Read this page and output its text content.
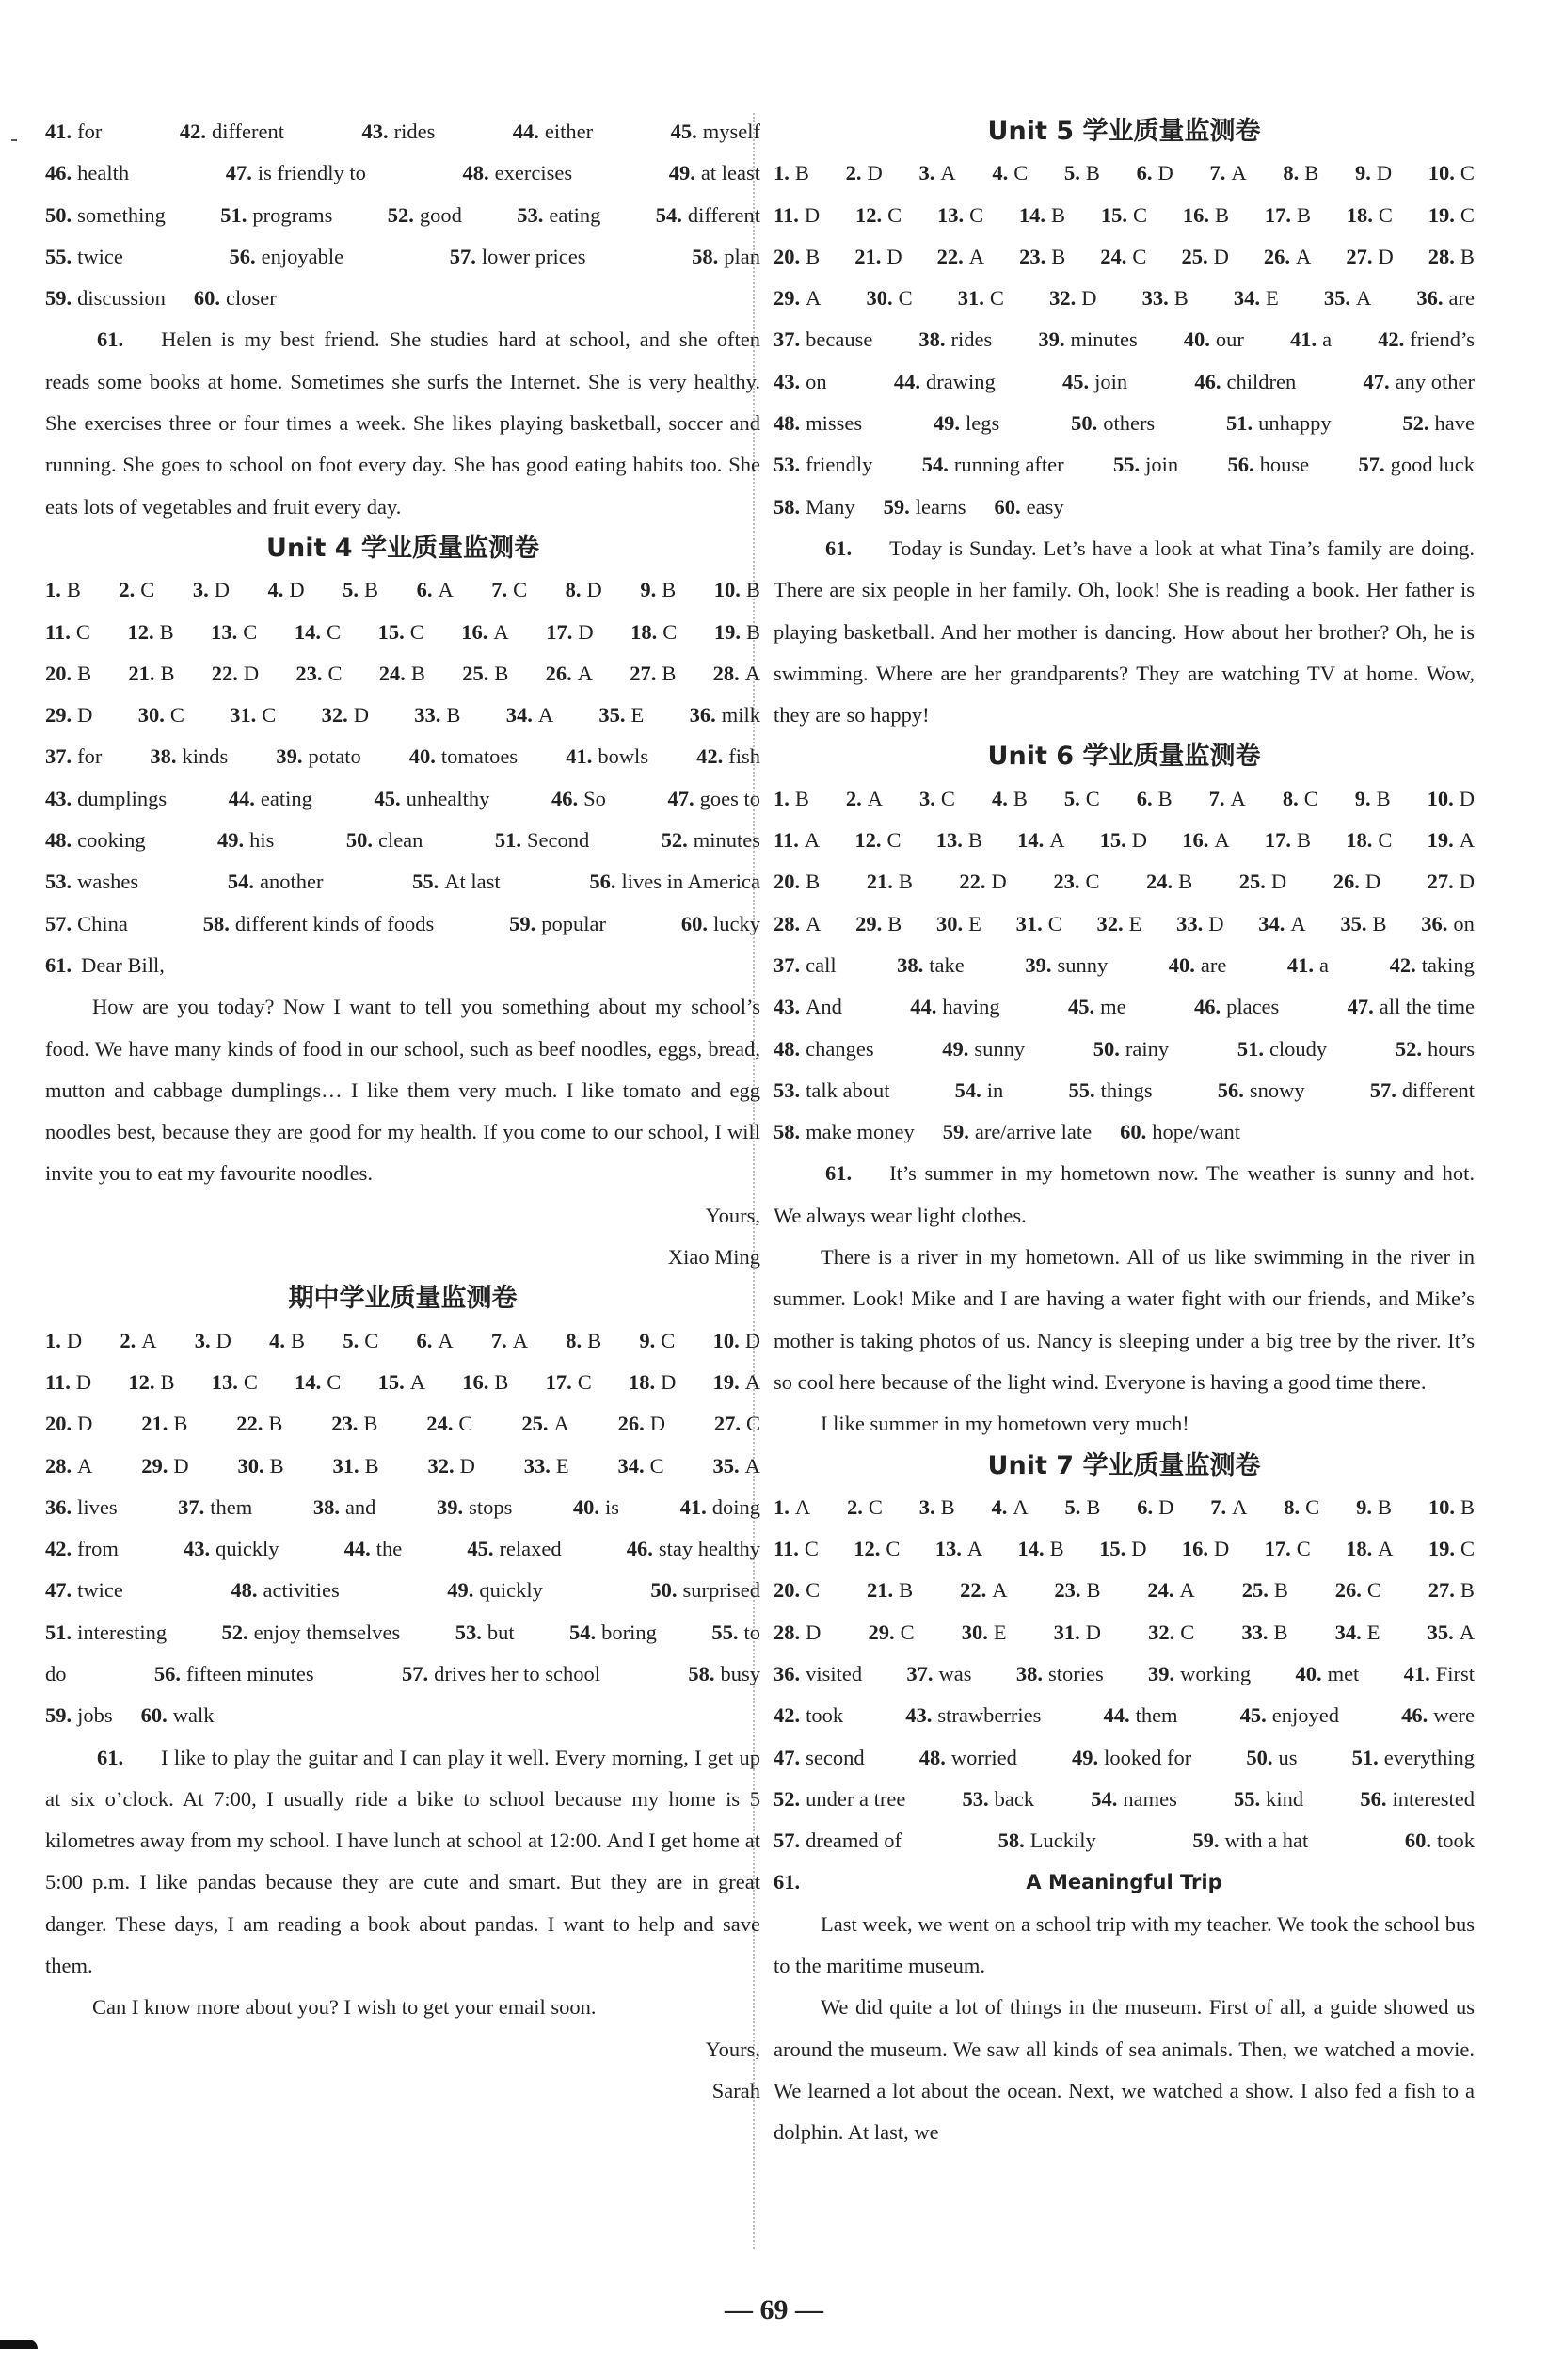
41. for	42. different	43. rides	44. either	45. myself
46. health	47. is friendly to	48. exercises	49. at least
50. something	51. programs	52. good	53. eating	54. different
55. twice	56. enjoyable	57. lower prices	58. plan
59. discussion 60. closer
61. Helen is my best friend. She studies hard at school, and she often reads some books at home. Sometimes she surfs the Internet. She is very healthy. She exercises three or four times a week. She likes playing basketball, soccer and running. She goes to school on foot every day. She has good eating habits too. She eats lots of vegetables and fruit every day.
Unit 4 学业质量监测卷
1. B 2. C 3. D 4. D 5. B 6. A 7. C 8. D 9. B 10. B
11. C 12. B 13. C 14. C 15. C 16. A 17. D 18. C 19. B
20. B 21. B 22. D 23. C 24. B 25. B 26. A 27. B 28. A
29. D 30. C 31. C 32. D 33. B 34. A 35. E 36. milk
37. for 38. kinds 39. potato 40. tomatoes 41. bowls 42. fish
43. dumplings	44. eating	45. unhealthy	46. So	47. goes to
48. cooking	49. his	50. clean	51. Second	52. minutes
53. washes	54. another	55. At last	56. lives in America
57. China	58. different kinds of foods	59. popular	60. lucky
61. Dear Bill,
How are you today? Now I want to tell you something about my school’s food. We have many kinds of food in our school, such as beef noodles, eggs, bread, mutton and cabbage dumplings… I like them very much. I like tomato and egg noodles best, because they are good for my health. If you come to our school, I will invite you to eat my favourite noodles.
Yours,
Xiao Ming
期中学业质量监测卷
1. D 2. A 3. D 4. B 5. C 6. A 7. A 8. B 9. C 10. D
11. D 12. B 13. C 14. C 15. A 16. B 17. C 18. D 19. A
20. D 21. B 22. B 23. B 24. C 25. A 26. D 27. C
28. A 29. D 30. B 31. B 32. D 33. E 34. C 35. A
36. lives	37. them	38. and	39. stops	40. is	41. doing
42. from	43. quickly	44. the	45. relaxed	46. stay healthy
47. twice	48. activities	49. quickly	50. surprised
51. interesting	52. enjoy themselves	53. but	54. boring	55. to
do	56. fifteen minutes	57. drives her to school	58. busy
59. jobs 60. walk
61. I like to play the guitar and I can play it well. Every morning, I get up at six o’clock. At 7:00, I usually ride a bike to school because my home is 5 kilometres away from my school. I have lunch at school at 12:00. And I get home at 5:00 p.m. I like pandas because they are cute and smart. But they are in great danger. These days, I am reading a book about pandas. I want to help and save them.
Can I know more about you? I wish to get your email soon.
Yours,
Sarah
Unit 5 学业质量监测卷
1. B 2. D 3. A 4. C 5. B 6. D 7. A 8. B 9. D 10. C
11. D 12. C 13. C 14. B 15. C 16. B 17. B 18. C 19. C
20. B 21. D 22. A 23. B 24. C 25. D 26. A 27. D 28. B
29. A 30. C 31. C 32. D 33. B 34. E 35. A 36. are
37. because 38. rides 39. minutes 40. our 41. a 42. friend’s
43. on	44. drawing	45. join	46. children	47. any other
48. misses	49. legs	50. others	51. unhappy	52. have
53. friendly 54. running after 55. join 56. house 57. good luck
58. Many 59. learns 60. easy
61. Today is Sunday. Let’s have a look at what Tina’s family are doing. There are six people in her family. Oh, look! She is reading a book. Her father is playing basketball. And her mother is dancing. How about her brother? Oh, he is swimming. Where are her grandparents? They are watching TV at home. Wow, they are so happy!
Unit 6 学业质量监测卷
1. B 2. A 3. C 4. B 5. C 6. B 7. A 8. C 9. B 10. D
11. A 12. C 13. B 14. A 15. D 16. A 17. B 18. C 19. A
20. B 21. B 22. D 23. C 24. B 25. D 26. D 27. D
28. A 29. B 30. E 31. C 32. E 33. D 34. A 35. B 36. on
37. call	38. take	39. sunny	40. are	41. a	42. taking
43. And	44. having	45. me	46. places	47. all the time
48. changes	49. sunny	50. rainy	51. cloudy	52. hours
53. talk about	54. in	55. things	56. snowy	57. different
58. make money 59. are/arrive late 60. hope/want
61. It’s summer in my hometown now. The weather is sunny and hot. We always wear light clothes.
There is a river in my hometown. All of us like swimming in the river in summer. Look! Mike and I are having a water fight with our friends, and Mike’s mother is taking photos of us. Nancy is sleeping under a big tree by the river. It’s so cool here because of the light wind. Everyone is having a good time there.
I like summer in my hometown very much!
Unit 7 学业质量监测卷
1. A 2. C 3. B 4. A 5. B 6. D 7. A 8. C 9. B 10. B
11. C 12. C 13. A 14. B 15. D 16. D 17. C 18. A 19. C
20. C 21. B 22. A 23. B 24. A 25. B 26. C 27. B
28. D 29. C 30. E 31. D 32. C 33. B 34. E 35. A
36. visited 37. was 38. stories 39. working 40. met 41. First
42. took	43. strawberries	44. them	45. enjoyed	46. were
47. second	48. worried	49. looked for	50. us	51. everything
52. under a tree	53. back	54. names	55. kind	56. interested
57. dreamed of	58. Luckily	59. with a hat	60. took
61.	A Meaningful Trip
Last week, we went on a school trip with my teacher. We took the school bus to the maritime museum.
We did quite a lot of things in the museum. First of all, a guide showed us around the museum. We saw all kinds of sea animals. Then, we watched a movie. We learned a lot about the ocean. Next, we watched a show. I also fed a fish to a dolphin. At last, we
— 69 —
